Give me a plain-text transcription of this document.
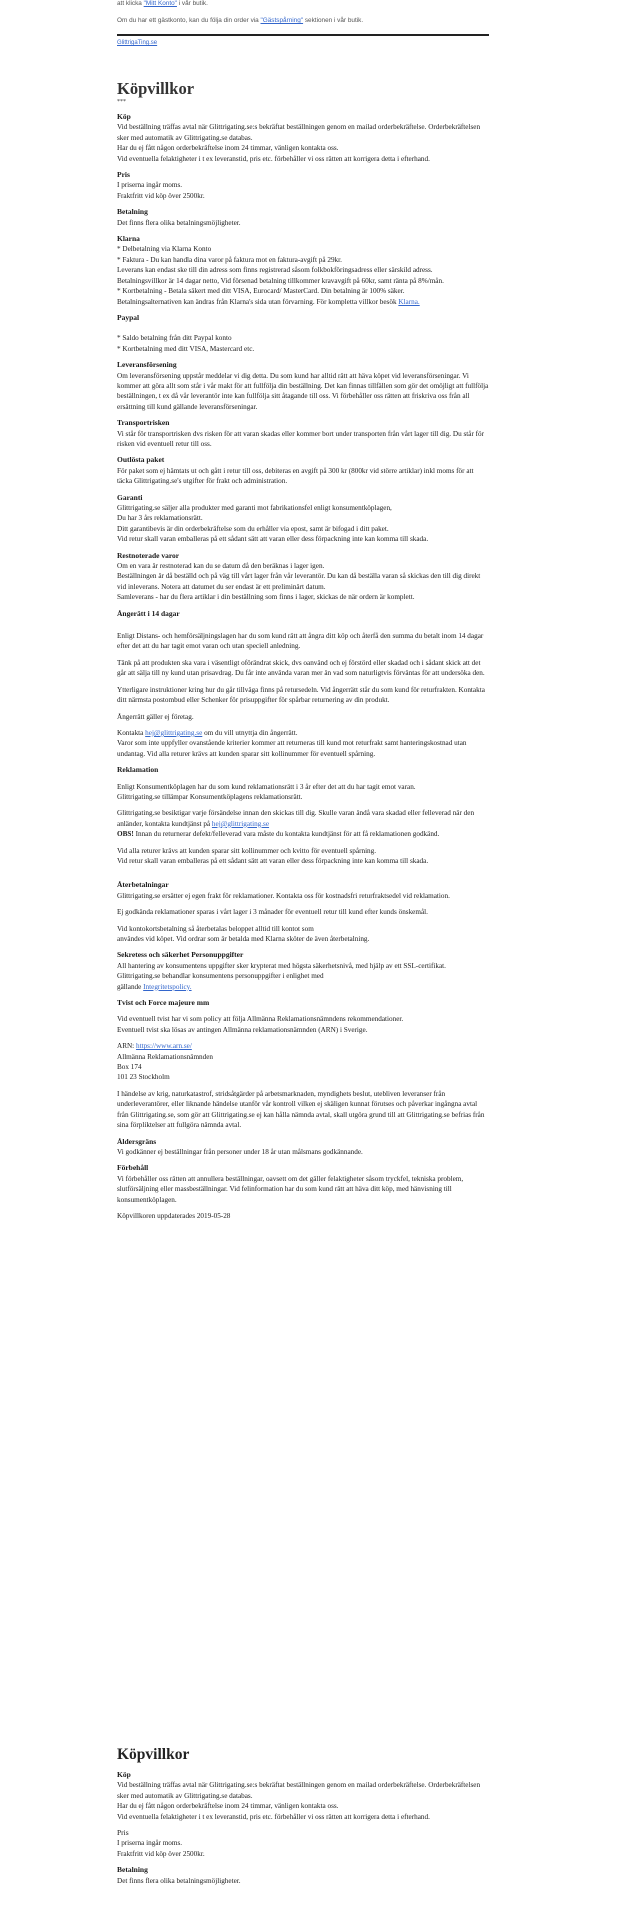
att klicka "Mitt Konto" i vår butik.

Om du har ett gästkonto, kan du följa din order via "Gästspårning" sektionen i vår butik.

GlittrigaTing.se
Köpvillkor
***
Köp

Vid beställning träffas avtal när Glittrigating.se:s bekräftat beställningen genom en mailad orderbekräftelse. Orderbekräftelsen sker med automatik av Glittrigating.se databas.

Har du ej fått någon orderbekräftelse inom 24 timmar, vänligen kontakta oss.

Vid eventuella felaktigheter i t ex leveranstid, pris etc. förbehåller vi oss rätten att korrigera detta i efterhand.

Pris

I priserna ingår moms.

Fraktfritt vid köp över 2500kr.

Betalning

Det finns flera olika betalningsmöjligheter.

Klarna

* Delbetalning via Klarna Konto

* Faktura - Du kan handla dina varor på faktura mot en faktura-avgift på 29kr.

Leverans kan endast ske till din adress som finns registrerad såsom folkbokföringsadress eller särskild adress.

Betalningsvillkor är 14 dagar netto, Vid försenad betalning tillkommer kravavgift på 60kr, samt ränta på 8%/mån.

* Kortbetalning - Betala säkert med ditt VISA, Eurocard/ MasterCard. Din betalning är 100% säker.

Betalningsalternativen kan ändras från Klarna's sida utan förvarning. För kompletta villkor besök Klarna.

Paypal

* Saldo betalning från ditt Paypal konto

* Kortbetalning med ditt VISA, Mastercard etc.

Leveransförsening

Om leveransförsening uppstår meddelar vi dig detta. Du som kund har alltid rätt att häva köpet vid leveransförseningar. Vi kommer att göra allt som står i vår makt för att fullfölja din beställning. Det kan finnas tillfällen som gör det omöjligt att fullfölja beställningen, t ex då vår leverantör inte kan fullfölja sitt åtagande till oss. Vi förbehåller oss rätten att friskriva oss från all ersättning till kund gällande leveransförseningar.

Transportrisken

Vi står för transportrisken dvs risken för att varan skadas eller kommer bort under transporten från vårt lager till dig. Du står för risken vid eventuell retur till oss.

Outlösta paket

För paket som ej hämtats ut och gått i retur till oss, debiteras en avgift på 300 kr (800kr vid större artiklar) inkl moms för att täcka Glittrigating.se's utgifter för frakt och administration.

Garanti

Glittrigating.se säljer alla produkter med garanti mot fabrikationsfel enligt konsumentköplagen,

Du har 3 års reklamationsrätt.

Ditt garantibevis är din orderbekräftelse som du erhåller via epost, samt är bifogad i ditt paket.

Vid retur skall varan emballeras på ett sådant sätt att varan eller dess förpackning inte kan komma till skada.

Restnoterade varor

Om en vara är restnoterad kan du se datum då den beräknas i lager igen.

Beställningen är då beställd och på väg till vårt lager från vår leverantör. Du kan då beställa varan så skickas den till dig direkt vid inleverans. Notera att datumet du ser endast är ett preliminärt datum.

Samleverans - har du flera artiklar i din beställning som finns i lager, skickas de när ordern är komplett.

Ångerätt i 14 dagar

Enligt Distans- och hemförsäljningslagen har du som kund rätt att ångra ditt köp och återfå den summa du betalt inom 14 dagar efter det att du har tagit emot varan och utan speciell anledning.

Tänk på att produkten ska vara i väsentligt oförändrat skick, dvs oanvänd och ej förstörd eller skadad och i sådant skick att det går att sälja till ny kund utan prisavdrag. Du får inte använda varan mer än vad som naturligtvis förväntas för att undersöka den.

Ytterligare instruktioner kring hur du går tillväga finns på retursedeln. Vid ångerrätt står du som kund för returfrakten. Kontakta ditt närmsta postombud eller Schenker för prisuppgifter för spårbar returnering av din produkt.

Ångerrätt gäller ej företag.

Kontakta hej@glittrigating.se om du vill utnyttja din ångerrätt.

Varor som inte uppfyller ovanstående kriterier kommer att returneras till kund mot returfrakt samt hanteringskostnad utan undantag. Vid alla returer krävs att kunden sparar sitt kollinummer för eventuell spårning.

Reklamation

Enligt Konsumentköplagen har du som kund reklamationsrätt i 3 år efter det att du har tagit emot varan.

Glittrigating.se tillämpar Konsumentköplagens reklamationsrätt.

Glittrigating.se besiktigar varje försändelse innan den skickas till dig. Skulle varan ändå vara skadad eller felleverad när den anländer, kontakta kundtjänst på hej@glittrigating.se
OBS! Innan du returnerar defekt/felleverad vara måste du kontakta kundtjänst för att få reklamationen godkänd.

Vid alla returer krävs att kunden sparar sitt kollinummer och kvitto för eventuell spårning.

Vid retur skall varan emballeras på ett sådant sätt att varan eller dess förpackning inte kan komma till skada.

Återbetalningar

Glittrigating.se ersätter ej egen frakt för reklamationer. Kontakta oss för kostnadsfri returfraktsedel vid reklamation.

Ej godkända reklamationer sparas i vårt lager i 3 månader för eventuell retur till kund efter kunds önskemål.

Vid kontokortsbetalning så återbetalas beloppet alltid till kontot som

användes vid köpet. Vid ordrar som är betalda med Klarna sköter de även återbetalning.

Sekretess och säkerhet Personuppgifter

All hantering av konsumentens uppgifter sker krypterat med högsta säkerhetsnivå, med hjälp av ett SSL-certifikat.

Glittrigating.se behandlar konsumentens personuppgifter i enlighet med

gällande Integritetspolicy.

Tvist och Force majeure mm

Vid eventuell tvist har vi som policy att följa Allmänna Reklamationsnämndens rekommendationer.

Eventuell tvist ska lösas av antingen Allmänna reklamationsnämnden (ARN) i Sverige.

ARN: https://www.arn.se/

Allmänna Reklamationsnämnden

Box 174

101 23 Stockholm

I händelse av krig, naturkatastrof, stridsåtgärder på arbetsmarknaden, myndighets beslut, utebliven leveranser från underleverantörer, eller liknande händelse utanför vår kontroll vilken ej skäligen kunnat förutses och påverkar ingångna avtal från Glittrigating.se, som gör att Glittrigating.se ej kan hålla nämnda avtal, skall utgöra grund till att Glittrigating.se befrias från sina förpliktelser att fullgöra nämnda avtal.

Åldersgräns

Vi godkänner ej beställningar från personer under 18 år utan målsmans godkännande.

Förbehåll

Vi förbehåller oss rätten att annullera beställningar, oavsett om det gäller felaktigheter såsom tryckfel, tekniska problem, slutförsäljning eller massbeställningar. Vid felinformation har du som kund rätt att häva ditt köp, med hänvisning till konsumentköplagen.

Köpvillkoren uppdaterades 2019-05-28

Köpvillkor
Köp

Vid beställning träffas avtal när Glittrigating.se:s bekräftat beställningen genom en mailad orderbekräftelse. Orderbekräftelsen sker med automatik av Glittrigating.se databas.

Har du ej fått någon orderbekräftelse inom 24 timmar, vänligen kontakta oss.

Vid eventuella felaktigheter i t ex leveranstid, pris etc. förbehåller vi oss rätten att korrigera detta i efterhand.

Pris

I priserna ingår moms.

Fraktfritt vid köp över 2500kr.

Betalning

Det finns flera olika betalningsmöjligheter.
